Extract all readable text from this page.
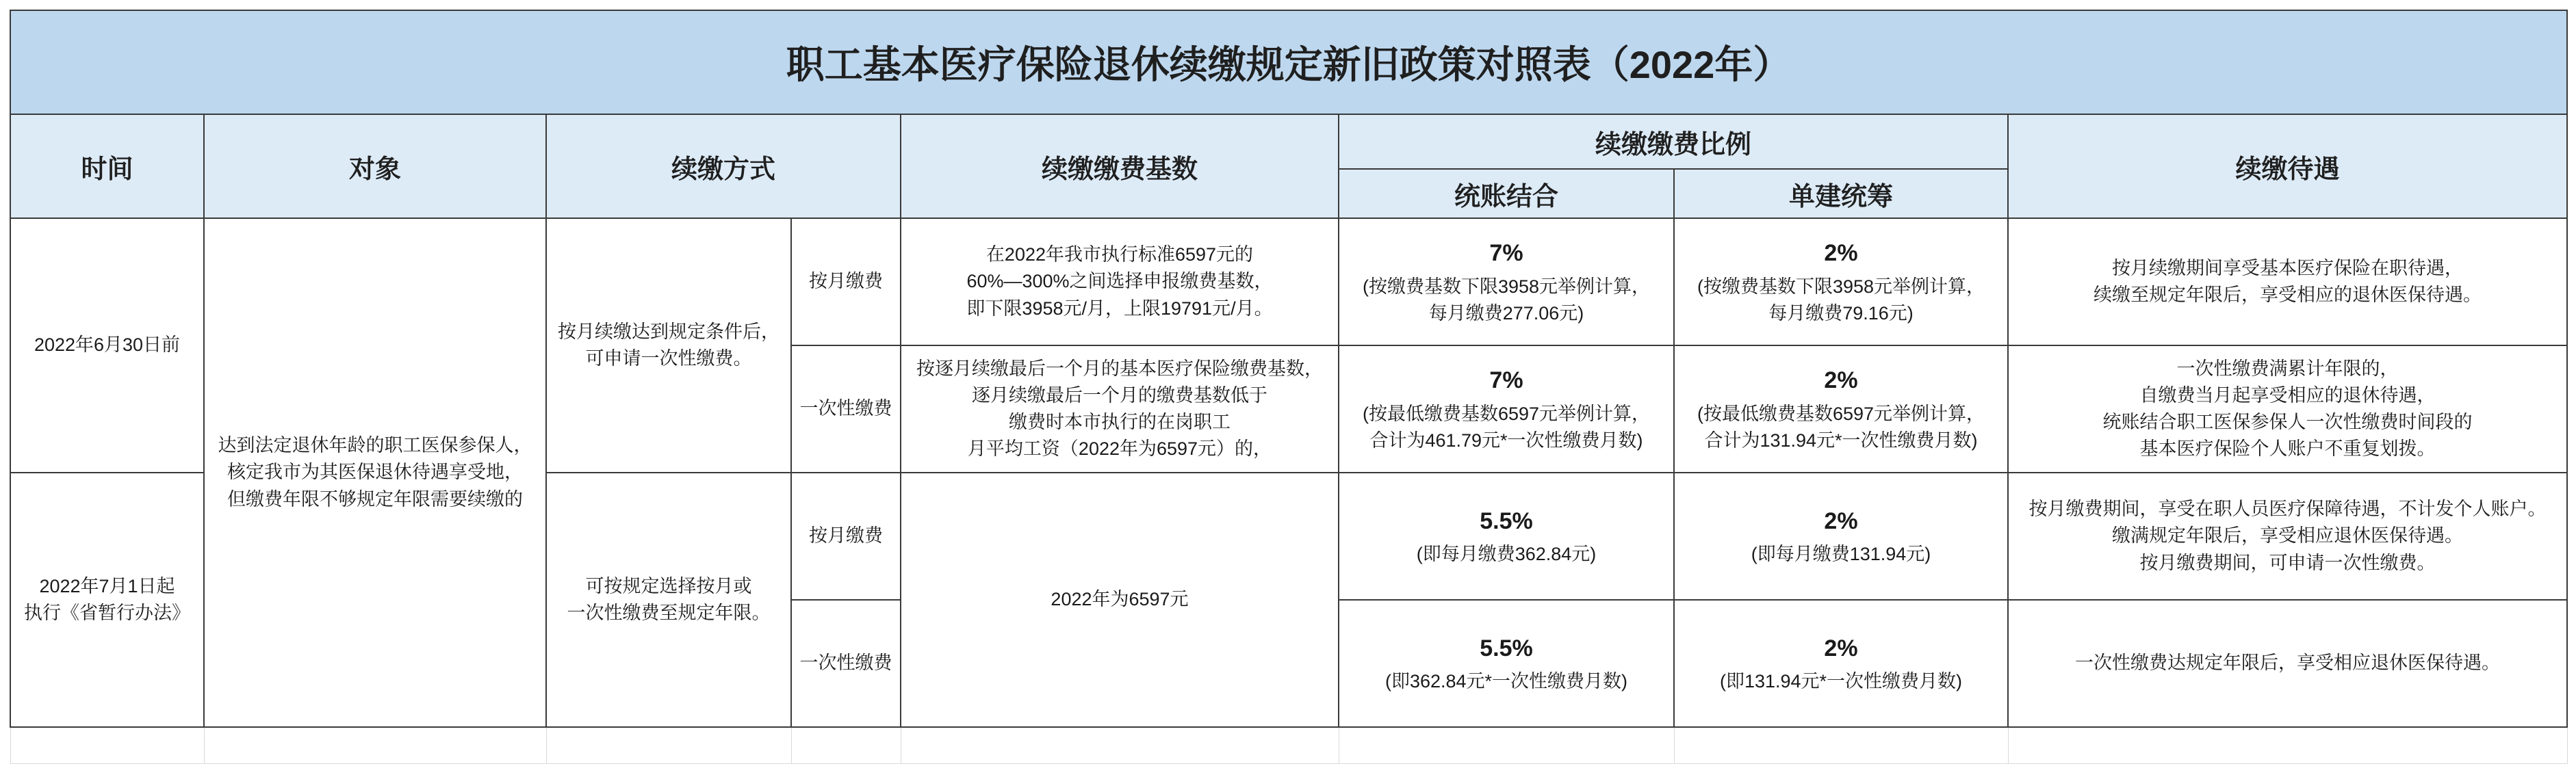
职工基本医疗保险退休续缴规定新旧政策对照表（2022年）							
时间	对象	续缴方式		续缴缴费基数	续缴缴费比例		续缴待遇
					统账结合	单建统筹	
2022年6月30日前	达到法定退休年龄的职工医保参保人，
核定我市为其医保退休待遇享受地，
但缴费年限不够规定年限需要续缴的	按月续缴达到规定条件后，
可申请一次性缴费。	按月缴费	在2022年我市执行标准6597元的
60%—300%之间选择申报缴费基数，
即下限3958元/月，上限19791元/月。	7%
(按缴费基数下限3958元举例计算，
每月缴费277.06元)	2%
(按缴费基数下限3958元举例计算，
每月缴费79.16元)	按月续缴期间享受基本医疗保险在职待遇，
续缴至规定年限后，享受相应的退休医保待遇。

			一次性缴费	按逐月续缴最后一个月的基本医疗保险缴费基数，
逐月续缴最后一个月的缴费基数低于
缴费时本市执行的在岗职工
月平均工资（2022年为6597元）的，	7%
(按最低缴费基数6597元举例计算，
合计为461.79元*一次性缴费月数)	2%
(按最低缴费基数6597元举例计算，
合计为131.94元*一次性缴费月数)	一次性缴费满累计年限的，
自缴费当月起享受相应的退休待遇，
统账结合职工医保参保人一次性缴费时间段的
基本医疗保险个人账户不重复划拨。

2022年7月1日起
执行《省暂行办法》		可按规定选择按月或
一次性缴费至规定年限。	按月缴费	2022年为6597元	5.5%
(即每月缴费362.84元)	2%
(即每月缴费131.94元)	按月缴费期间，享受在职人员医疗保障待遇，不计发个人账户。
缴满规定年限后，享受相应退休医保待遇。
按月缴费期间，可申请一次性缴费。

			一次性缴费		5.5%
(即362.84元*一次性缴费月数)	2%
(即131.94元*一次性缴费月数)	一次性缴费达规定年限后，享受相应退休医保待遇。
